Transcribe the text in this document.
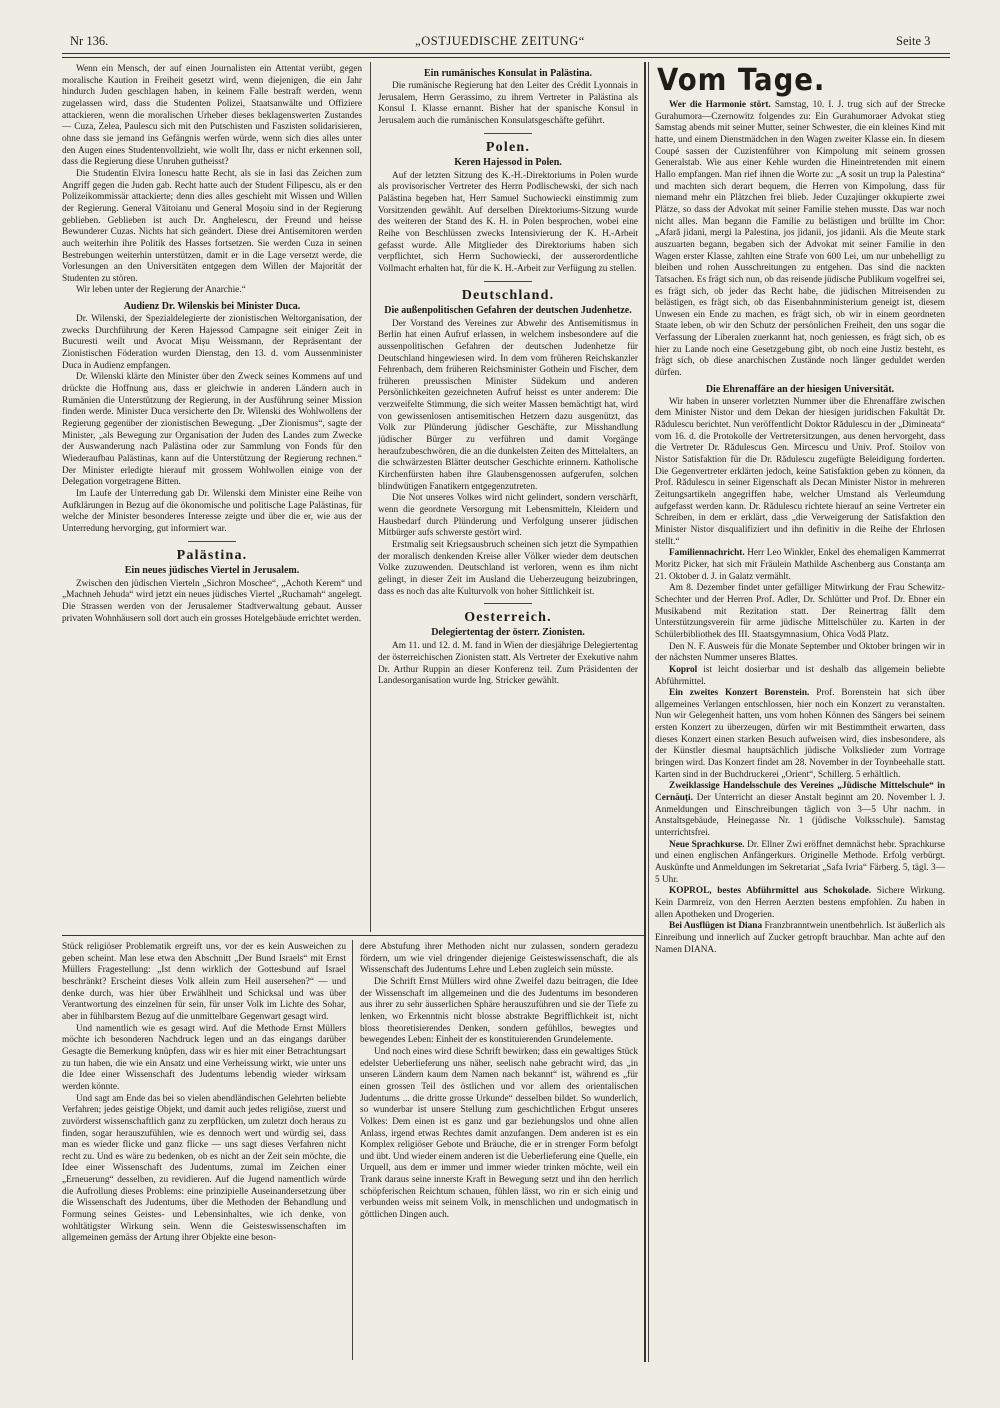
Nr 136.	„OSTJUEDISCHE ZEITUNG“	Seite 3

Wenn ein Mensch, der auf einen Journalisten ein Attentat verübt, gegen moralische Kaution in Freiheit gesetzt wird, wenn diejenigen, die ein Jahr hindurch Juden geschlagen haben, in keinem Falle bestraft werden, wenn zugelassen wird, dass die Studenten Polizei, Staatsanwälte und Offiziere attackieren, wenn die moralischen Urheber dieses beklagenswerten Zustandes — Cuza, Zelea, Paulescu sich mit den Putschisten und Faszisten solidarisieren, ohne dass sie jemand ins Gefängnis werfen würde, wenn sich dies alles unter den Augen eines Studentenvollzieht, wie wollt Ihr, dass er nicht erkennen soll, dass die Regierung diese Unruhen gutheisst?

Die Studentin Elvira Ionescu hatte Recht, als sie in Iasi das Zeichen zum Angriff gegen die Juden gab. Recht hatte auch der Student Filipescu, als er den Polizeikommissär attackierte; denn dies alles geschieht mit Wissen und Willen der Regierung. General Văitoianu und General Moșoiu sind in der Regierung geblieben. Geblieben ist auch Dr. Anghelescu, der Freund und heisse Bewunderer Cuzas. Nichts hat sich geändert. Diese drei Antisemitoren werden auch weiterhin ihre Politik des Hasses fortsetzen. Sie werden Cuza in seinen Bestrebungen weiterhin unterstützen, damit er in die Lage versetzt werde, die Vorlesungen an den Universitäten entgegen dem Willen der Majorität der Studenten zu stören.

Wir leben unter der Regierung der Anarchie.“

Audienz Dr. Wilenskis bei Minister Duca.

Dr. Wilenski, der Spezialdelegierte der zionistischen Weltorganisation, der zwecks Durchführung der Keren Hajessod Campagne seit einiger Zeit in Bucuresti weilt und Avocat Mișu Weissmann, der Repräsentant der Zionistischen Föderation wurden Dienstag, den 13. d. vom Aussenminister Duca in Audienz empfangen.

Dr. Wilenski klärte den Minister über den Zweck seines Kommens auf und drückte die Hoffnung aus, dass er gleichwie in anderen Ländern auch in Rumänien die Unterstützung der Regierung, in der Ausführung seiner Mission finden werde. Minister Duca versicherte den Dr. Wilenski des Wohlwollens der Regierung gegenüber der zionistischen Bewegung. „Der Zionismus“, sagte der Minister, „als Bewegung zur Organisation der Juden des Landes zum Zwecke der Auswanderung nach Palästina oder zur Sammlung von Fonds für den Wiederaufbau Palästinas, kann auf die Unterstützung der Regierung rechnen.“ Der Minister erledigte hierauf mit grossem Wohlwollen einige von der Delegation vorgetragene Bitten.

Im Laufe der Unterredung gab Dr. Wilenski dem Minister eine Reihe von Aufklärungen in Bezug auf die ökonomische und politische Lage Palästinas, für welche der Minister besonderes Interesse zeigte und über die er, wie aus der Unterredung hervorging, gut informiert war.

Palästina.
Ein neues jüdisches Viertel in Jerusalem.

Zwischen den jüdischen Vierteln „Sichron Moschee“, „Achoth Kerem“ und „Machneh Jehuda“ wird jetzt ein neues jüdisches Viertel „Ruchamah“ angelegt. Die Strassen werden von der Jerusalemer Stadtverwaltung gebaut. Ausser privaten Wohnhäusern soll dort auch ein grosses Hotelgebäude errichtet werden.

Ein rumänisches Konsulat in Palästina.

Die rumänische Regierung hat den Leiter des Crédit Lyonnais in Jerusalem, Herrn Gerassimo, zu ihrem Vertreter in Palästina als Konsul I. Klasse ernannt. Bisher hat der spanische Konsul in Jerusalem auch die rumänischen Konsulatsgeschäfte geführt.

Polen.
Keren Hajessod in Polen.

Auf der letzten Sitzung des K.-H.-Direktoriums in Polen wurde als provisorischer Vertreter des Herrn Podlischewski, der sich nach Palästina begeben hat, Herr Samuel Suchowiecki einstimmig zum Vorsitzenden gewählt. Auf derselben Direktoriums-Sitzung wurde des weiteren der Stand des K. H. in Polen besprochen, wobei eine Reihe von Beschlüssen zwecks Intensivierung der K. H.-Arbeit gefasst wurde. Alle Mitglieder des Direktoriums haben sich verpflichtet, sich Herrn Suchowiecki, der ausserordentliche Vollmacht erhalten hat, für die K. H.-Arbeit zur Verfügung zu stellen.

Deutschland.
Die außenpolitischen Gefahren der deutschen Judenhetze.

Der Vorstand des Vereines zur Abwehr des Antisemitismus in Berlin hat einen Aufruf erlassen, in welchem insbesondere auf die aussenpolitischen Gefahren der deutschen Judenhetze für Deutschland hingewiesen wird. In dem vom früheren Reichskanzler Fehrenbach, dem früheren Reichsminister Gothein und Fischer, dem früheren preussischen Minister Südekum und anderen Persönlichkeiten gezeichneten Aufruf heisst es unter anderem: Die verzweifelte Stimmung, die sich weiter Massen bemächtigt hat, wird von gewissenlosen antisemitischen Hetzern dazu ausgenützt, das Volk zur Plünderung jüdischer Geschäfte, zur Misshandlung jüdischer Bürger zu verführen und damit Vorgänge heraufzubeschwören, die an die dunkelsten Zeiten des Mittelalters, an die schwärzesten Blätter deutscher Geschichte erinnern. Katholische Kirchenfürsten haben ihre Glaubensgenossen aufgerufen, solchen blindwütigen Fanatikern entgegenzutreten.

Die Not unseres Volkes wird nicht gelindert, sondern verschärft, wenn die geordnete Versorgung mit Lebensmitteln, Kleidern und Hausbedarf durch Plünderung und Verfolgung unserer jüdischen Mitbürger aufs schwerste gestört wird.

Erstmalig seit Kriegsausbruch scheinen sich jetzt die Sympathien der moralisch denkenden Kreise aller Völker wieder dem deutschen Volke zuzuwenden. Deutschland ist verloren, wenn es ihm nicht gelingt, in dieser Zeit im Ausland die Ueberzeugung beizubringen, dass es noch das alte Kulturvolk von hoher Sittlichkeit ist.

Oesterreich.
Delegiertentag der österr. Zionisten.

Am 11. und 12. d. M. fand in Wien der diesjährige Delegiertentag der österreichischen Zionisten statt. Als Vertreter der Exekutive nahm Dr. Arthur Ruppin an dieser Konferenz teil. Zum Präsidenten der Landesorganisation wurde Ing. Stricker gewählt.

Vom Tage.

Wer die Harmonie stört. Samstag, 10. I. J. trug sich auf der Strecke Gurahumora—Czernowitz folgendes zu: Ein Gurahumoraer Advokat stieg Samstag abends mit seiner Mutter, seiner Schwester, die ein kleines Kind mit hatte, und einem Dienstmädchen in den Wagen zweiter Klasse ein. In diesem Coupé sassen der Cuzistenführer von Kimpolung mit seinem grossen Generalstab. Wie aus einer Kehle wurden die Hineintretenden mit einem Hallo empfangen. Man rief ihnen die Worte zu: „A sosit un trup la Palestina“ und machten sich derart bequem, die Herren von Kimpolung, dass für niemand mehr ein Plätzchen frei blieb. Jeder Cuzajünger okkupierte zwei Plätze, so dass der Advokat mit seiner Familie stehen musste. Das war noch nicht alles. Man begann die Familie zu belästigen und brüllte im Chor: „Afară jidani, mergi la Palestina, jos jidanii, jos jidanii. Als die Meute stark auszuarten begann, begaben sich der Advokat mit seiner Familie in den Wagen erster Klasse, zahlten eine Strafe von 600 Lei, um nur unbehelligt zu bleiben und rohen Ausschreitungen zu entgehen. Das sind die nackten Tatsachen. Es frägt sich nun, ob das reisende jüdische Publikum vogelfrei sei, es frägt sich, ob jeder das Recht habe, die jüdischen Mitreisenden zu belästigen, es frägt sich, ob das Eisenbahnministerium geneigt ist, diesem Unwesen ein Ende zu machen, es frägt sich, ob wir in einem geordneten Staate leben, ob wir den Schutz der persönlichen Freiheit, den uns sogar die Verfassung der Liberalen zuerkannt hat, noch geniessen, es frägt sich, ob es hier zu Lande noch eine Gesetzgebung gibt, ob noch eine Justiz besteht, es frägt sich, ob diese anarchischen Zustände noch länger geduldet werden dürfen.

Die Ehrenaffäre an der hiesigen Universität.

Wir haben in unserer vorletzten Nummer über die Ehrenaffäre zwischen dem Minister Nistor und dem Dekan der hiesigen juridischen Fakultät Dr. Rădulescu berichtet. Nun veröffentlicht Doktor Rădulescu in der „Dimineata“ vom 16. d. die Protokolle der Vertretersitzungen, aus denen hervorgeht, dass die Vertreter Dr. Rădulescus Gen. Mircescu und Univ. Prof. Stoilov von Nistor Satisfaktion für die Dr. Rădulescu zugefügte Beleidigung forderten. Die Gegenvertreter erklärten jedoch, keine Satisfaktion geben zu können, da Prof. Rădulescu in seiner Eigenschaft als Decan Minister Nistor in mehreren Zeitungsartikeln angegriffen habe, welcher Umstand als Verleumdung aufgefasst werden kann. Dr. Rădulescu richtete hierauf an seine Vertreter ein Schreiben, in dem er erklärt, dass „die Verweigerung der Satisfaktion den Minister Nistor disqualifiziert und ihn definitiv in die Reihe der Ehrlosen stellt.“

Familiennachricht. Herr Leo Winkler, Enkel des ehemaligen Kammerrat Moritz Picker, hat sich mit Fräulein Mathilde Aschenberg aus Constanța am 21. Oktober d. J. in Galatz vermählt.

Am 8. Dezember findet unter gefälliger Mitwirkung der Frau Schewitz-Schechter und der Herren Prof. Adler, Dr. Schlütter und Prof. Dr. Ebner ein Musikabend mit Rezitation statt. Der Reinertrag fällt dem Unterstützungsverein für arme jüdische Mittelschüler zu. Karten in der Schülerbibliothek des III. Staatsgymnasium, Ohica Vodă Platz.

Den N. F. Ausweis für die Monate September und Oktober bringen wir in der nächsten Nummer unseres Blattes.

Koprol ist leicht dosierbar und ist deshalb das allgemein beliebte Abführmittel.

Ein zweites Konzert Borenstein. Prof. Borenstein hat sich über allgemeines Verlangen entschlossen, hier noch ein Konzert zu veranstalten. Nun wir Gelegenheit hatten, uns vom hohen Können des Sängers bei seinem ersten Konzert zu überzeugen, dürfen wir mit Bestimmtheit erwarten, dass dieses Konzert einen starken Besuch aufweisen wird, dies insbesondere, als der Künstler diesmal hauptsächlich jüdische Volkslieder zum Vortrage bringen wird. Das Konzert findet am 28. November in der Toynbeehalle statt. Karten sind in der Buchdruckerei „Orient“, Schillerg. 5 erhältlich.

Zweiklassige Handelsschule des Vereines „Jüdische Mittelschule“ in Cernăuți. Der Unterricht an dieser Anstalt beginnt am 20. November l. J. Anmeldungen und Einschreibungen täglich von 3—5 Uhr nachm. in Anstaltsgebäude, Heinegasse Nr. 1 (jüdische Volksschule). Samstag unterrichtsfrei.

Neue Sprachkurse. Dr. Ellner Zwi eröffnet demnächst hebr. Sprachkurse und einen englischen Anfängerkurs. Originelle Methode. Erfolg verbürgt. Auskünfte und Anmeldungen im Sekretariat „Safa Ivria“ Färberg. 5, tägl. 3—5 Uhr.

KOPROL, bestes Abführmittel aus Schokolade. Sichere Wirkung. Kein Darmreiz, von den Herren Aerzten bestens empfohlen. Zu haben in allen Apotheken und Drogerien.

Bei Ausflügen ist Diana Franzbranntwein unentbehrlich. Ist äußerlich als Einreibung und innerlich auf Zucker getropft brauchbar. Man achte auf den Namen DIANA.

Stück religiöser Problematik ergreift uns, vor der es kein Ausweichen zu geben scheint. Man lese etwa den Abschnitt „Der Bund Israels“ mit Ernst Müllers Fragestellung: „Ist denn wirklich der Gottesbund auf Israel beschränkt? Erscheint dieses Volk allein zum Heil ausersehen?“ — und denke durch, was hier über Erwählheit und Schicksal und was über Verantwortung des einzelnen für sein, für unser Volk im Lichte des Sohar, aber in fühlbarstem Bezug auf die unmittelbare Gegenwart gesagt wird.

Und namentlich wie es gesagt wird. Auf die Methode Ernst Müllers möchte ich besonderen Nachdruck legen und an das eingangs darüber Gesagte die Bemerkung knüpfen, dass wir es hier mit einer Betrachtungsart zu tun haben, die wie ein Ansatz und eine Verheissung wirkt, wie unter uns die Idee einer Wissenschaft des Judentums lebendig wieder wirksam werden könnte.

Und sagt am Ende das bei so vielen abendländischen Gelehrten beliebte Verfahren; jedes geistige Objekt, und damit auch jedes religiöse, zuerst und zuvörderst wissenschaftlich ganz zu zerpflücken, um zuletzt doch heraus zu finden, sogar herauszufühlen, wie es dennoch wert und würdig sei, dass man es wieder flicke und ganz flicke — uns sagt dieses Verfahren nicht recht zu. Und es wäre zu bedenken, ob es nicht an der Zeit sein möchte, die Idee einer Wissenschaft des Judentums, zumal im Zeichen einer „Erneuerung“ desselben, zu revidieren. Auf die Jugend namentlich würde die Aufrollung dieses Problems: eine prinzipielle Auseinandersetzung über die Wissenschaft des Judentums, über die Methoden der Behandlung und Formung seines Geistes- und Lebensinhaltes, wie ich denke, von wohltätigster Wirkung sein. Wenn die Geisteswissenschaften im allgemeinen gemäss der Artung ihrer Objekte eine beson-

dere Abstufung ihrer Methoden nicht nur zulassen, sondern geradezu fördern, um wie viel dringender diejenige Geisteswissenschaft, die als Wissenschaft des Judentums Lehre und Leben zugleich sein müsste.

Die Schrift Ernst Müllers wird ohne Zweifel dazu beitragen, die Idee der Wissenschaft im allgemeinen und die des Judentums im besonderen aus ihrer zu sehr äusserlichen Sphäre herauszuführen und sie der Tiefe zu lenken, wo Erkenntnis nicht blosse abstrakte Begrifflichkeit ist, nicht bloss theoretisierendes Denken, sondern gefühllos, bewegtes und bewegendes Leben: Einheit der es konstituierenden Grundelemente.

Und noch eines wird diese Schrift bewirken; dass ein gewaltiges Stück edelster Ueberlieferung uns näher, seelisch nahe gebracht wird, das „in unseren Ländern kaum dem Namen nach bekannt“ ist, während es „für einen grossen Teil des östlichen und vor allem des orientalischen Judentums ... die dritte grosse Urkunde“ desselben bildet. So wunderlich, so wunderbar ist unsere Stellung zum geschichtlichen Erbgut unseres Volkes: Dem einen ist es ganz und gar beziehungslos und ohne allen Anlass, irgend etwas Rechtes damit anzufangen. Dem anderen ist es ein Komplex religiöser Gebote und Bräuche, die er in strenger Form befolgt und übt. Und wieder einem anderen ist die Ueberlieferung eine Quelle, ein Urquell, aus dem er immer und immer wieder trinken möchte, weil ein Trank daraus seine innerste Kraft in Bewegung setzt und ihn den herrlich schöpferischen Reichtum schauen, fühlen lässt, wo rin er sich einig und verbunden weiss mit seinem Volk, in menschlichen und undogmatisch in göttlichen Dingen auch.
